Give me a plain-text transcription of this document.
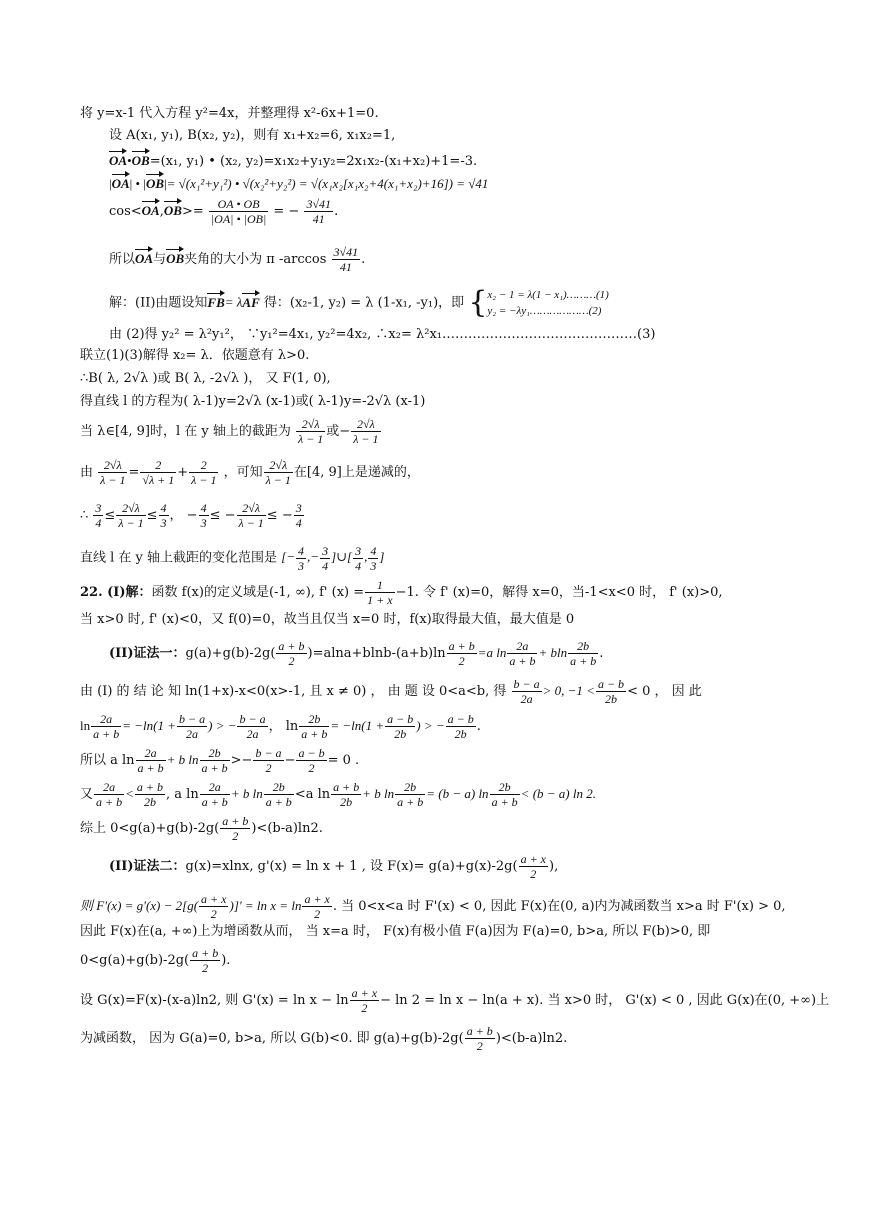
将 y=x-1 代入方程 y²=4x，并整理得 x²-6x+1=0.
设 A(x₁, y₁), B(x₂, y₂)，则有 x₁+x₂=6, x₁x₂=1,
OA•OB=(x₁, y₁) • (x₂, y₂)=x₁x₂+y₁y₂=2x₁x₂-(x₁+x₂)+1=-3.
|OA| • |OB|= √(x₁²+y₁²) • √(x₂²+y₂²) = √(x₁x₂[x₁x₂+4(x₁+x₂)+16]) = √41
$\cos<OA,OB>= \frac{OA • OB}{|OA| • |OB|}$ = − $\frac{3√41}{41}$ .
所以OA与OB夹角的大小为 π $-\arccos \frac{3√41}{41}$ .
解：(II)由题设知FB= λAF 得：(x₂-1, y₂) = λ (1-x₁, -y₁)，即 { x₂ − 1 = λ(1 − x₁)………(1)
y₂ = −λy₁………………(2)
由 (2)得 y₂² = λ²y₁²， ∵y₁²=4x₁, y₂²=4x₂, ∴x₂= λ²x₁………………………………………(3)
联立(1)(3)解得 x₂= λ．依题意有 λ>0.
∴B( λ, 2√λ )或 B( λ, -2√λ )， 又 F(1, 0),
得直线 l 的方程为( λ-1)y=2√λ (x-1)或( λ-1)y=-2√λ (x-1)
当 λ∈[4, 9]时，l 在 y 轴上的截距为 $\frac{2√\lambda}{\lambda - 1}$ 或− $\frac{2√\lambda}{\lambda - 1}$
由 $\frac{2√\lambda}{\lambda - 1} = \frac{2}{√\lambda + 1} + \frac{2}{\lambda - 1}$ ，可知 $\frac{2√\lambda}{\lambda - 1}$ 在[4, 9]上是递减的，
∴ $\frac{3}{4} \le \frac{2√\lambda}{\lambda - 1} \le \frac{4}{3}$ ， − $\frac{4}{3}$ ≤ − $\frac{2√\lambda}{\lambda - 1}$ ≤ − $\frac{3}{4}$
直线 l 在 y 轴上截距的变化范围是 [− $\frac{4}{3}$ ,− $\frac{3}{4}$ ]∪[ $\frac{3}{4}$ , $\frac{4}{3}$ ]
22. (I)解：函数 f(x)的定义域是(-1, ∞), f' $(x) = \frac{1}{1 + x} -1$. 令 f' (x)=0，解得 x=0，当-1<x<0 时， f' (x)>0,
当 x>0 时, f' (x)<0，又 f(0)=0，故当且仅当 x=0 时，f(x)取得最大值，最大值是 0
(II)证法一：$g(a)+g(b)-2g( \frac{a + b}{2} )=alna+blnb-(a+b)\ln \frac{a + b}{2} =a$ $\ln \frac{2a}{a + b} + bln \frac{2b}{a + b}$ .
由 (I) 的 结 论 知 ln(1+x)-x<0(x>-1, 且 x ≠ 0) ， 由 题 设 0<a<b, 得 $\frac{b - a}{2a} > 0$, $-1 < \frac{a - b}{2b} < 0$ ， 因 此
$\ln \frac{2a}{a + b} = -\ln(1 + \frac{b - a}{2a}$ ) > − $\frac{b - a}{2a}$ ， $\ln \frac{2b}{a + b} = -\ln(1 + \frac{a - b}{2b}$ ) > − $\frac{a - b}{2b}$ .
所以 a $\ln \frac{2a}{a + b} + b$ $\ln \frac{2b}{a + b} >- \frac{b - a}{2} - \frac{a - b}{2} = 0$ .
又 $\frac{2a}{a + b} < \frac{a + b}{2b}$ , a $\ln \frac{2a}{a + b} + b$ $\ln \frac{2b}{a + b} <a$ $\ln \frac{a + b}{2b} + b$ $\ln \frac{2b}{a + b} = (b - a)$ $\ln \frac{2b}{a + b} < (b - a)$ ln 2.
综上 $0<g(a)+g(b)-2g( \frac{a + b}{2} )<(b-a)\ln 2$.
(II)证法二：g(x)=xlnx, g'(x) = ln x + 1 , 设 $F(x)= g(a)+g(x)-2g( \frac{a + x}{2}$ ),
则 $F'(x) = g'(x) - 2[g( \frac{a + x}{2}$ )]' = $\ln x = \ln \frac{a + x}{2}$ . 当 0<x<a 时 F'(x) < 0, 因此 F(x)在(0, a)内为减函数当 x>a 时 F'(x) > 0,
因此 F(x)在(a, +∞)上为增函数从而， 当 x=a 时， F(x)有极小值 F(a)因为 F(a)=0, b>a, 所以 F(b)>0, 即
$0<g(a)+g(b)-2g( \frac{a + b}{2}$ ).
设 G(x)=F(x)-(x-a)ln2, 则 $G'(x) = \ln x - \ln \frac{a + x}{2} - \ln 2 = \ln x - \ln(a + x)$. 当 x>0 时， G'(x) < 0 , 因此 G(x)在(0, +∞)上
为减函数， 因为 G(a)=0, b>a, 所以 G(b)<0. 即 $g(a)+g(b)-2g( \frac{a + b}{2} )<(b-a)\ln 2$.
